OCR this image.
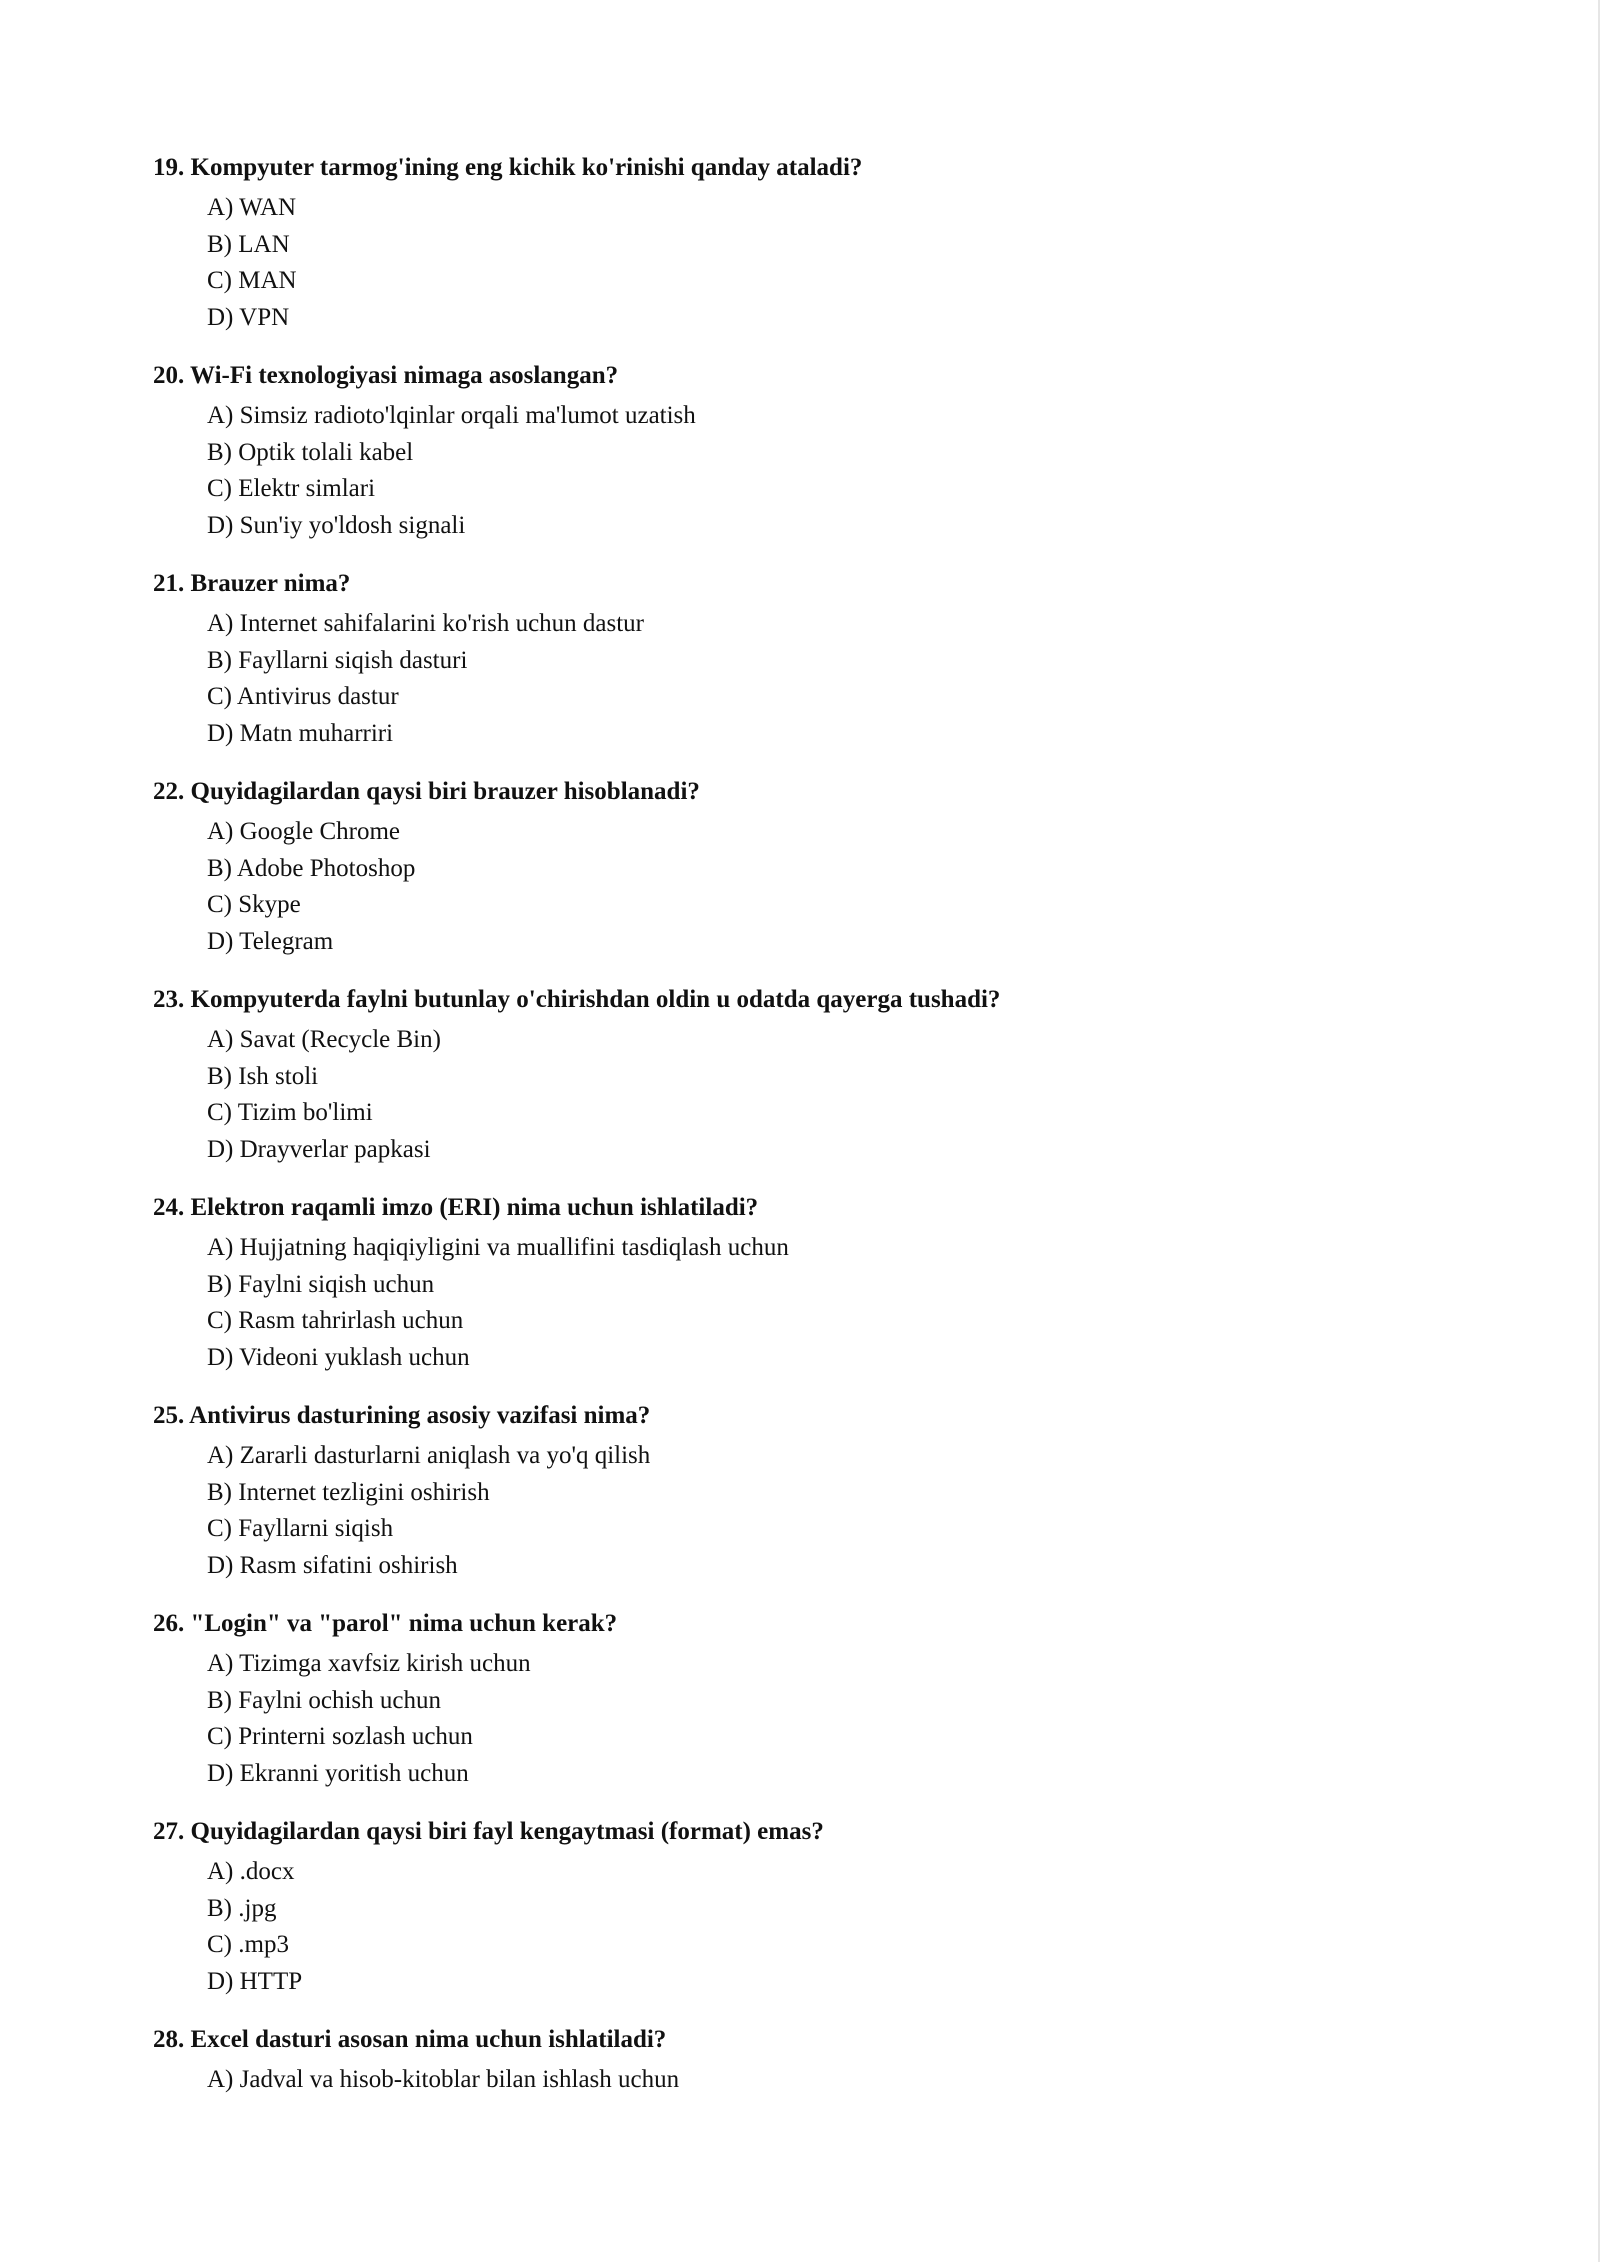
19. Kompyuter tarmog'ining eng kichik ko'rinishi qanday ataladi?
A) WAN
B) LAN
C) MAN
D) VPN
20. Wi-Fi texnologiyasi nimaga asoslangan?
A) Simsiz radioto'lqinlar orqali ma'lumot uzatish
B) Optik tolali kabel
C) Elektr simlari
D) Sun'iy yo'ldosh signali
21. Brauzer nima?
A) Internet sahifalarini ko'rish uchun dastur
B) Fayllarni siqish dasturi
C) Antivirus dastur
D) Matn muharriri
22. Quyidagilardan qaysi biri brauzer hisoblanadi?
A) Google Chrome
B) Adobe Photoshop
C) Skype
D) Telegram
23. Kompyuterda faylni butunlay o'chirishdan oldin u odatda qayerga tushadi?
A) Savat (Recycle Bin)
B) Ish stoli
C) Tizim bo'limi
D) Drayverlar papkasi
24. Elektron raqamli imzo (ERI) nima uchun ishlatiladi?
A) Hujjatning haqiqiyligini va muallifini tasdiqlash uchun
B) Faylni siqish uchun
C) Rasm tahrirlash uchun
D) Videoni yuklash uchun
25. Antivirus dasturining asosiy vazifasi nima?
A) Zararli dasturlarni aniqlash va yo'q qilish
B) Internet tezligini oshirish
C) Fayllarni siqish
D) Rasm sifatini oshirish
26. "Login" va "parol" nima uchun kerak?
A) Tizimga xavfsiz kirish uchun
B) Faylni ochish uchun
C) Printerni sozlash uchun
D) Ekranni yoritish uchun
27. Quyidagilardan qaysi biri fayl kengaytmasi (format) emas?
A) .docx
B) .jpg
C) .mp3
D) HTTP
28. Excel dasturi asosan nima uchun ishlatiladi?
A) Jadval va hisob-kitoblar bilan ishlash uchun
